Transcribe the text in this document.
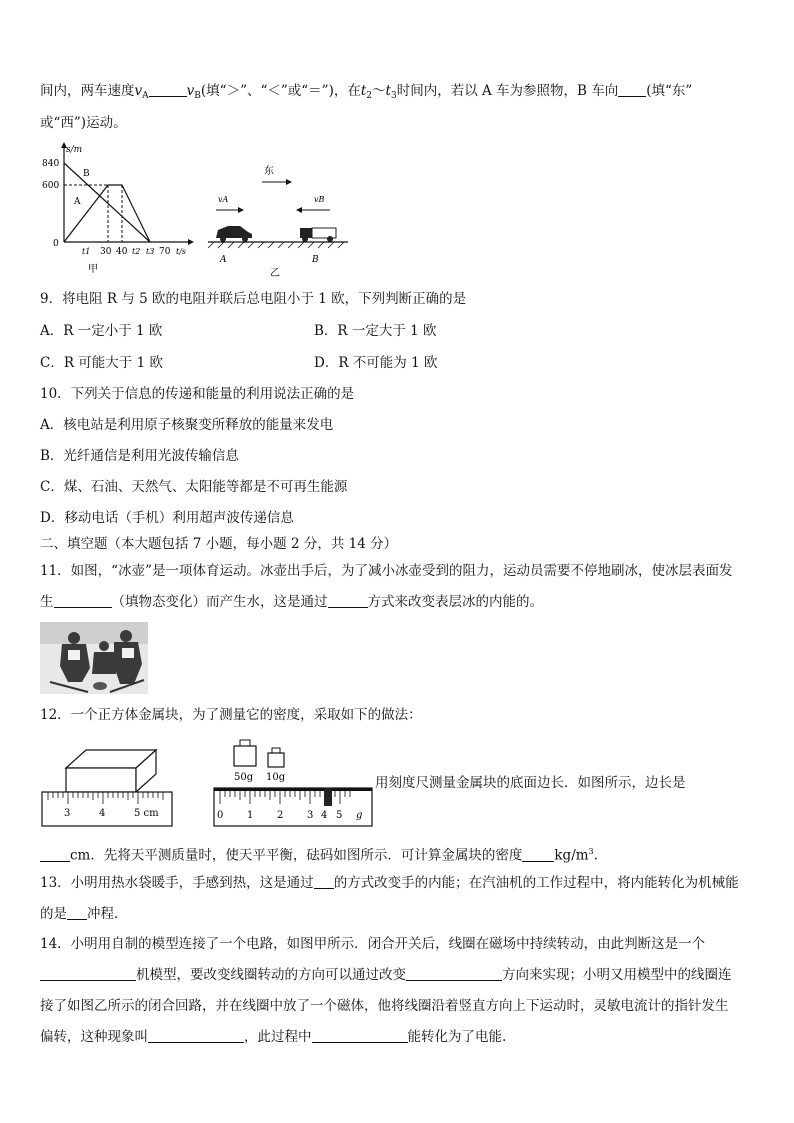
间内，两车速度$v_A$	$v_B$(填“＞”、“＜”或“＝”)，在$t_2\sim t_3$时间内，若以 A 车为参照物，B 车向 (填“东”
或“西”)运动。
s/m
840
600
0
B
A
t1 30 40 t2 t3 70 t/s
甲
东
vA	vB
A	B
乙
9．将电阻 R 与 5 欧的电阻并联后总电阻小于 1 欧，下列判断正确的是
A．R 一定小于 1 欧	B．R 一定大于 1 欧
C．R 可能大于 1 欧	D．R 不可能为 1 欧
10．下列关于信息的传递和能量的利用说法正确的是
A．核电站是利用原子核聚变所释放的能量来发电
B．光纤通信是利用光波传输信息
C．煤、石油、天然气、太阳能等都是不可再生能源
D．移动电话（手机）利用超声波传递信息
二、填空题（本大题包括 7 小题，每小题 2 分，共 14 分）
11．如图，“冰壶”是一项体育运动。冰壶出手后，为了减小冰壶受到的阻力，运动员需要不停地刷冰，使冰层表面发
生	（填物态变化）而产生水，这是通过	方式来改变表层冰的内能的。
12．一个正方体金属块，为了测量它的密度，采取如下的做法：
3	4	5 cm
50g 10g
0 1 2 3 4 5 g
用刻度尺测量金属块的底面边长．如图所示，边长是
cm．先将天平测质量时，使天平平衡，砝码如图所示．可计算金属块的密度 $kg/m^3$.
13．小明用热水袋暖手，手感到热，这是通过 的方式改变手的内能；在汽油机的工作过程中，将内能转化为机械能
的是 冲程．
14．小明用自制的模型连接了一个电路，如图甲所示．闭合开关后，线圈在磁场中持续转动，由此判断这是一个
机模型，要改变线圈转动的方向可以通过改变	方向来实现；小明又用模型中的线圈连
接了如图乙所示的闭合回路，并在线圈中放了一个磁体，他将线圈沿着竖直方向上下运动时，灵敏电流计的指针发生
偏转，这种现象叫	，此过程中	能转化为了电能.
